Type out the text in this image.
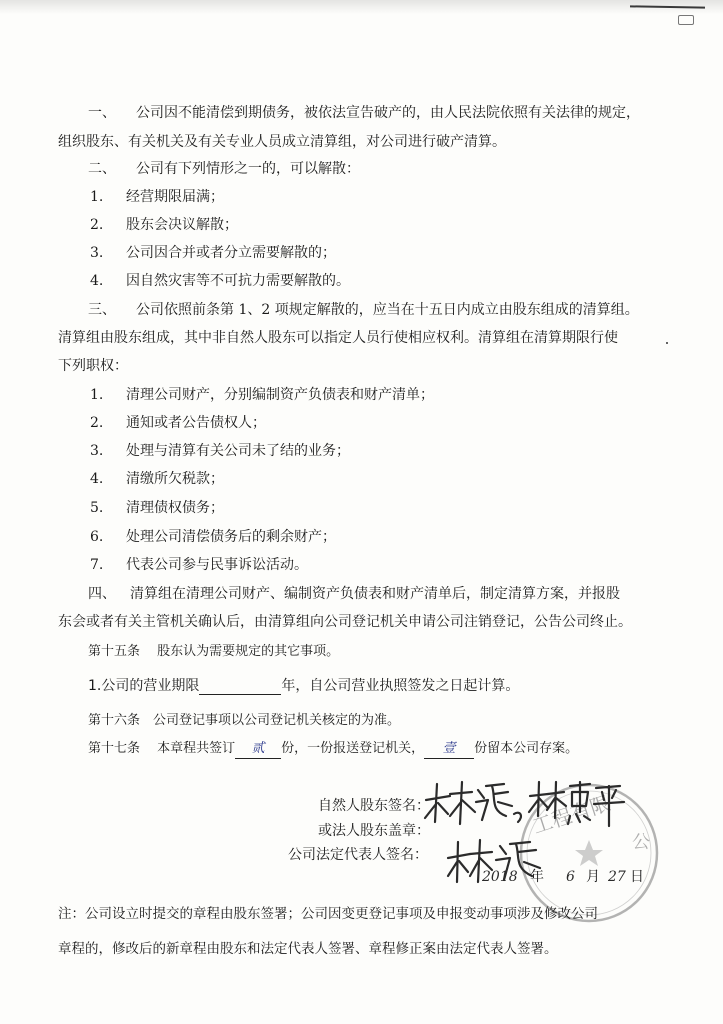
一、 公司因不能清偿到期债务，被依法宣告破产的，由人民法院依照有关法律的规定，
组织股东、有关机关及有关专业人员成立清算组，对公司进行破产清算。
二、 公司有下列情形之一的，可以解散：
1. 经营期限届满；
2. 股东会决议解散；
3. 公司因合并或者分立需要解散的；
4. 因自然灾害等不可抗力需要解散的。
三、 公司依照前条第 1、2 项规定解散的，应当在十五日内成立由股东组成的清算组。
清算组由股东组成，其中非自然人股东可以指定人员行使相应权利。清算组在清算期限行使
下列职权：
1. 清理公司财产，分别编制资产负债表和财产清单；
2. 通知或者公告债权人；
3. 处理与清算有关公司未了结的业务；
4. 清缴所欠税款；
5. 清理债权债务；
6. 处理公司清偿债务后的剩余财产；
7. 代表公司参与民事诉讼活动。
四、 清算组在清理公司财产、编制资产负债表和财产清单后，制定清算方案，并报股
东会或者有关主管机关确认后，由清算组向公司登记机关申请公司注销登记，公告公司终止。
第十五条　 股东认为需要规定的其它事项。
1.公司的营业期限	年，自公司营业执照签发之日起计算。
第十六条　公司登记事项以公司登记机关核定的为准。
第十七条　 本章程共签订 贰 份，一份报送登记机关， 壹 份留本公司存案。
自然人股东签名：
或法人股东盖章：
公司法定代表人签名：
工程有限
公
2018 年 6 月 27 日
注：公司设立时提交的章程由股东签署；公司因变更登记事项及申报变动事项涉及修改公司
章程的，修改后的新章程由股东和法定代表人签署、章程修正案由法定代表人签署。
